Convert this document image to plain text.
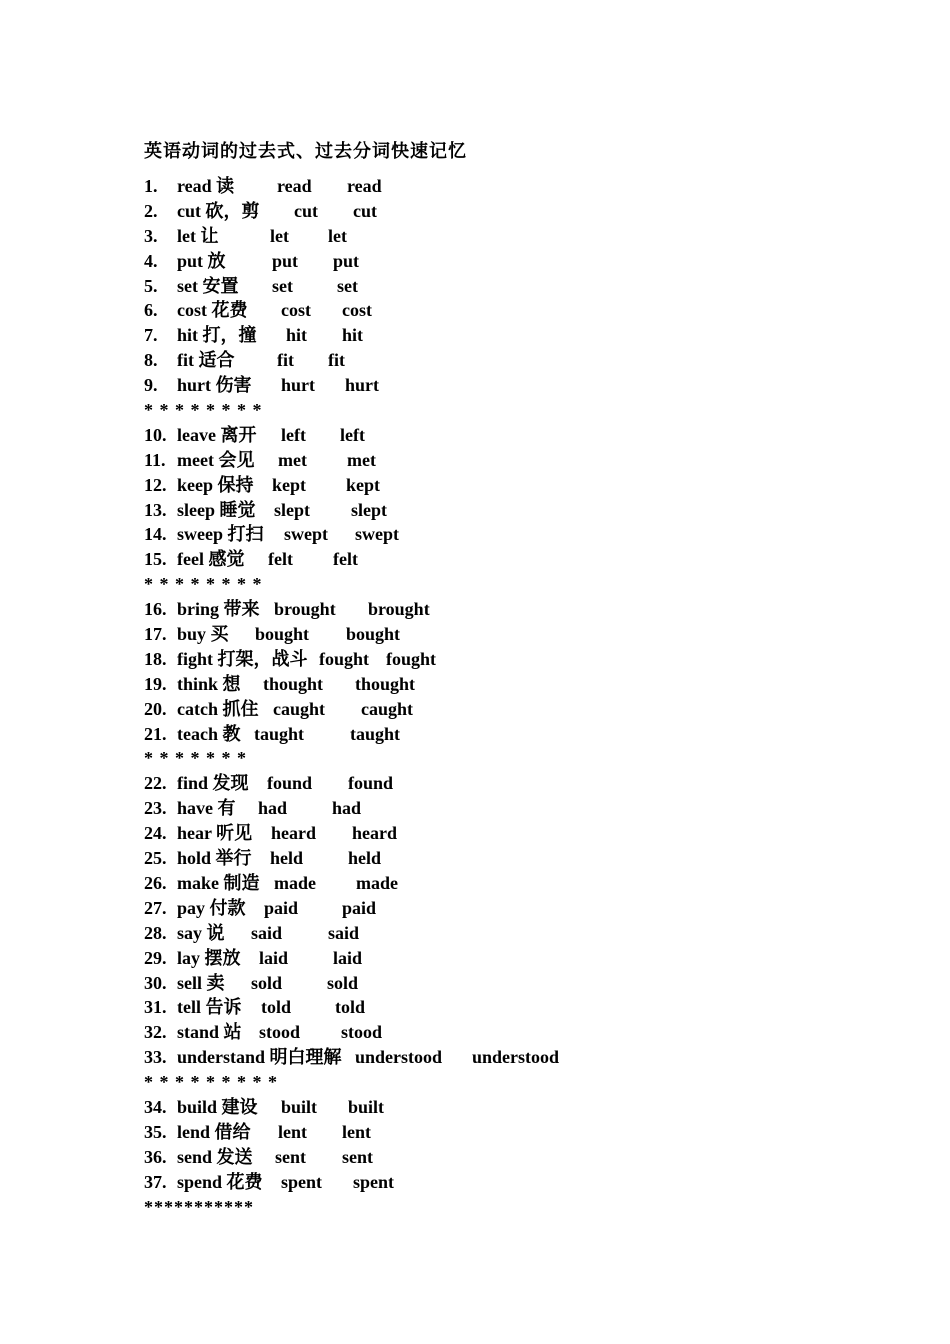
英语动词的过去式、过去分词快速记忆
1. read 读 read read
2. cut 砍，剪 cut cut
3. let 让	let let
4. put 放	put put
5. set 安置 set set
6. cost 花费 cost cost
7. hit 打，撞 hit hit
8. fit 适合 fit fit
9. hurt 伤害 hurt hurt
* * * * * * * *
10. leave 离开 left left
11. meet 会见 met met
12. keep 保持 kept kept
13. sleep 睡觉 slept slept
14. sweep 打扫 swept swept
15. feel 感觉 felt felt
* * * * * * * *
16. bring 带来 brought brought
17. buy 买 bought bought
18. fight 打架，战斗 fought fought
19. think 想 thought thought
20. catch 抓住 caught caught
21. teach 教 taught	taught
* * * * * * *
22. find 发现 found found
23. have 有 had had
24. hear 听见 heard heard
25. hold 举行 held held
26. make 制造 made made
27. pay 付款 paid paid
28. say 说 said	said
29. lay 摆放 laid laid
30. sell 卖 sold sold
31. tell 告诉 told told
32. stand 站 stood stood
33. understand 明白理解 understood understood
* * * * * * * * *
34. build 建设 built built
35. lend 借给 lent lent
36. send 发送 sent sent
37. spend 花费 spent spent
***********
